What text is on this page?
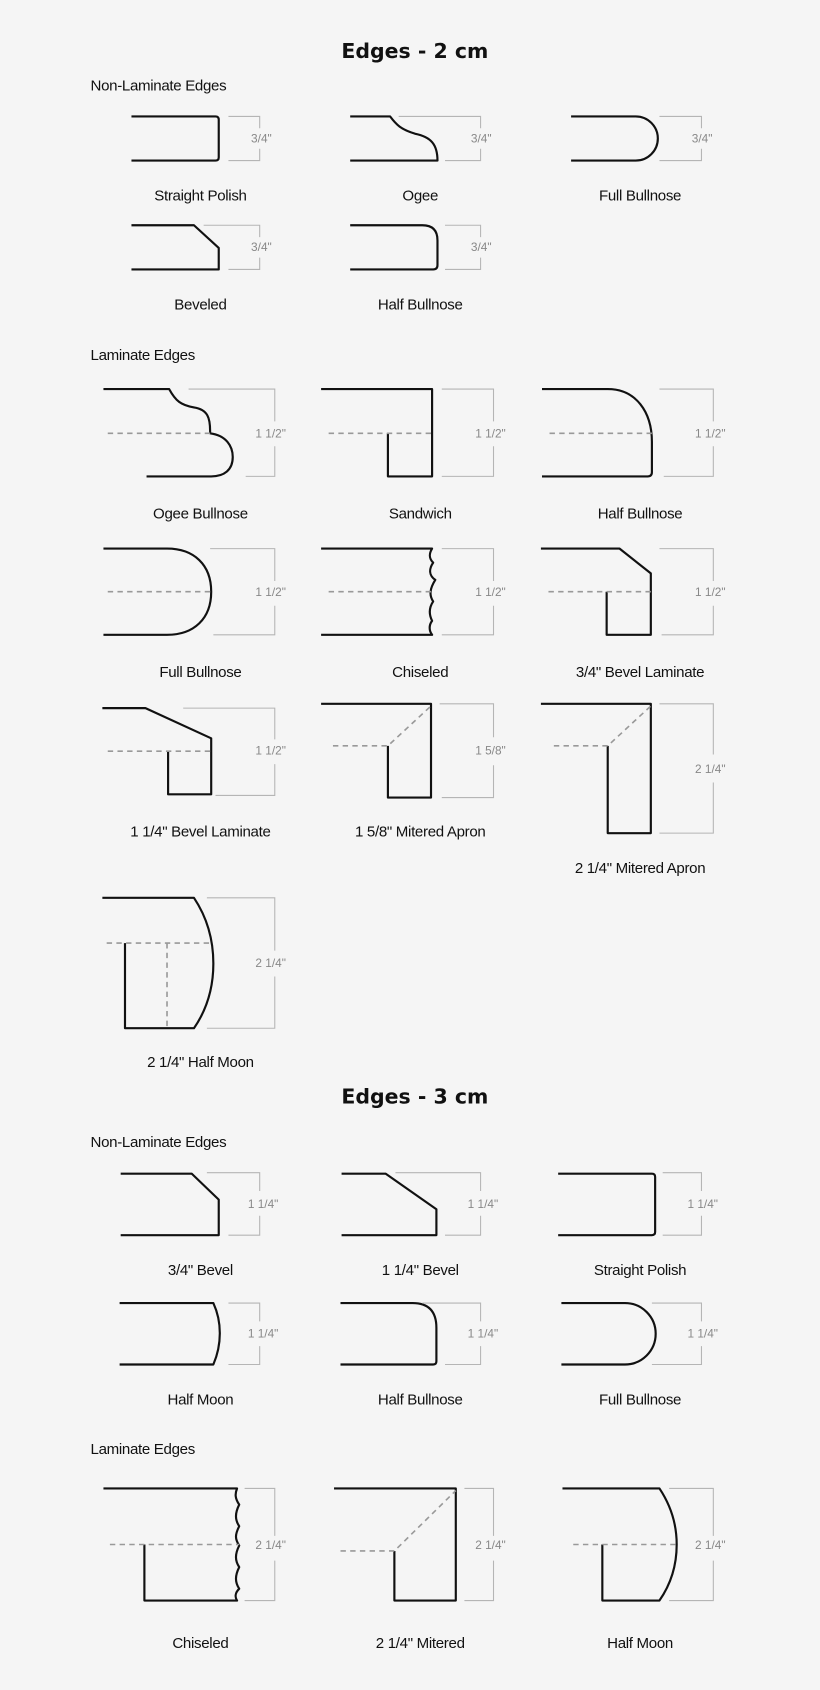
Edges - 2 cm
Non-Laminate Edges
3/4"
Straight Polish
3/4"
Ogee
3/4"
Full Bullnose
3/4"
Beveled
3/4"
Half Bullnose
Laminate Edges
1 1/2"
Ogee Bullnose
1 1/2"
Sandwich
1 1/2"
Half Bullnose
1 1/2"
Full Bullnose
1 1/2"
Chiseled
1 1/2"
3/4" Bevel Laminate
1 1/2"
1 1/4" Bevel Laminate
1 5/8"
1 5/8" Mitered Apron
2 1/4"
2 1/4" Mitered Apron
2 1/4"
2 1/4" Half Moon
Edges - 3 cm
Non-Laminate Edges
1 1/4"
3/4" Bevel
1 1/4"
1 1/4" Bevel
1 1/4"
Straight Polish
1 1/4"
Half Moon
1 1/4"
Half Bullnose
1 1/4"
Full Bullnose
Laminate Edges
2 1/4"
Chiseled
2 1/4"
2 1/4" Mitered
2 1/4"
Half Moon
